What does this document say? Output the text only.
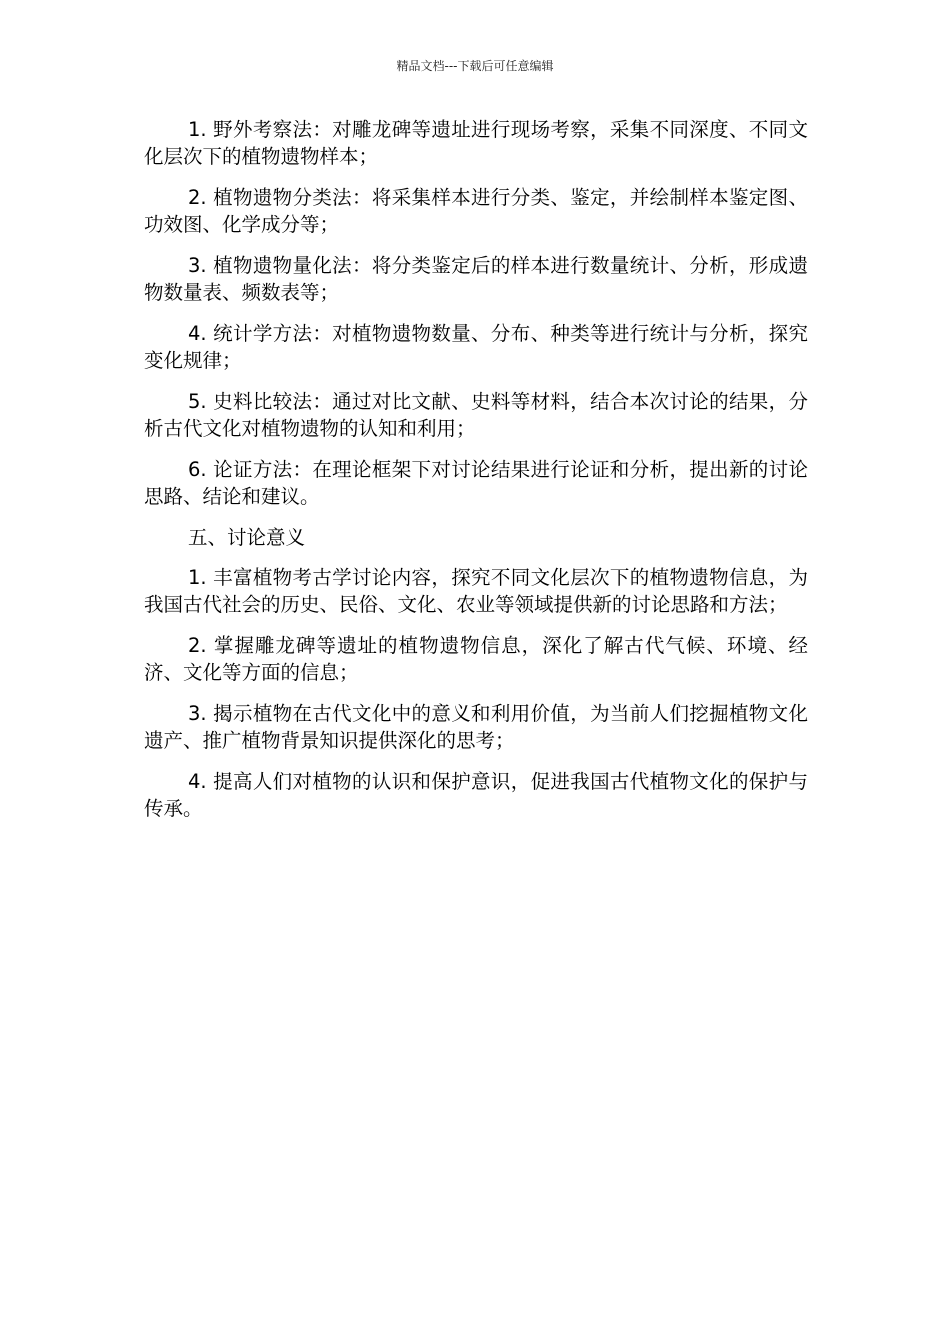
精品文档---下载后可任意编辑

1. 野外考察法：对雕龙碑等遗址进行现场考察，采集不同深度、不同文化层次下的植物遗物样本；

2. 植物遗物分类法：将采集样本进行分类、鉴定，并绘制样本鉴定图、功效图、化学成分等；

3. 植物遗物量化法：将分类鉴定后的样本进行数量统计、分析，形成遗物数量表、频数表等；

4. 统计学方法：对植物遗物数量、分布、种类等进行统计与分析，探究变化规律；

5. 史料比较法：通过对比文献、史料等材料，结合本次讨论的结果，分析古代文化对植物遗物的认知和利用；

6. 论证方法：在理论框架下对讨论结果进行论证和分析，提出新的讨论思路、结论和建议。

五、讨论意义

1. 丰富植物考古学讨论内容，探究不同文化层次下的植物遗物信息，为我国古代社会的历史、民俗、文化、农业等领域提供新的讨论思路和方法；

2. 掌握雕龙碑等遗址的植物遗物信息，深化了解古代气候、环境、经济、文化等方面的信息；

3. 揭示植物在古代文化中的意义和利用价值，为当前人们挖掘植物文化遗产、推广植物背景知识提供深化的思考；

4. 提高人们对植物的认识和保护意识，促进我国古代植物文化的保护与传承。
